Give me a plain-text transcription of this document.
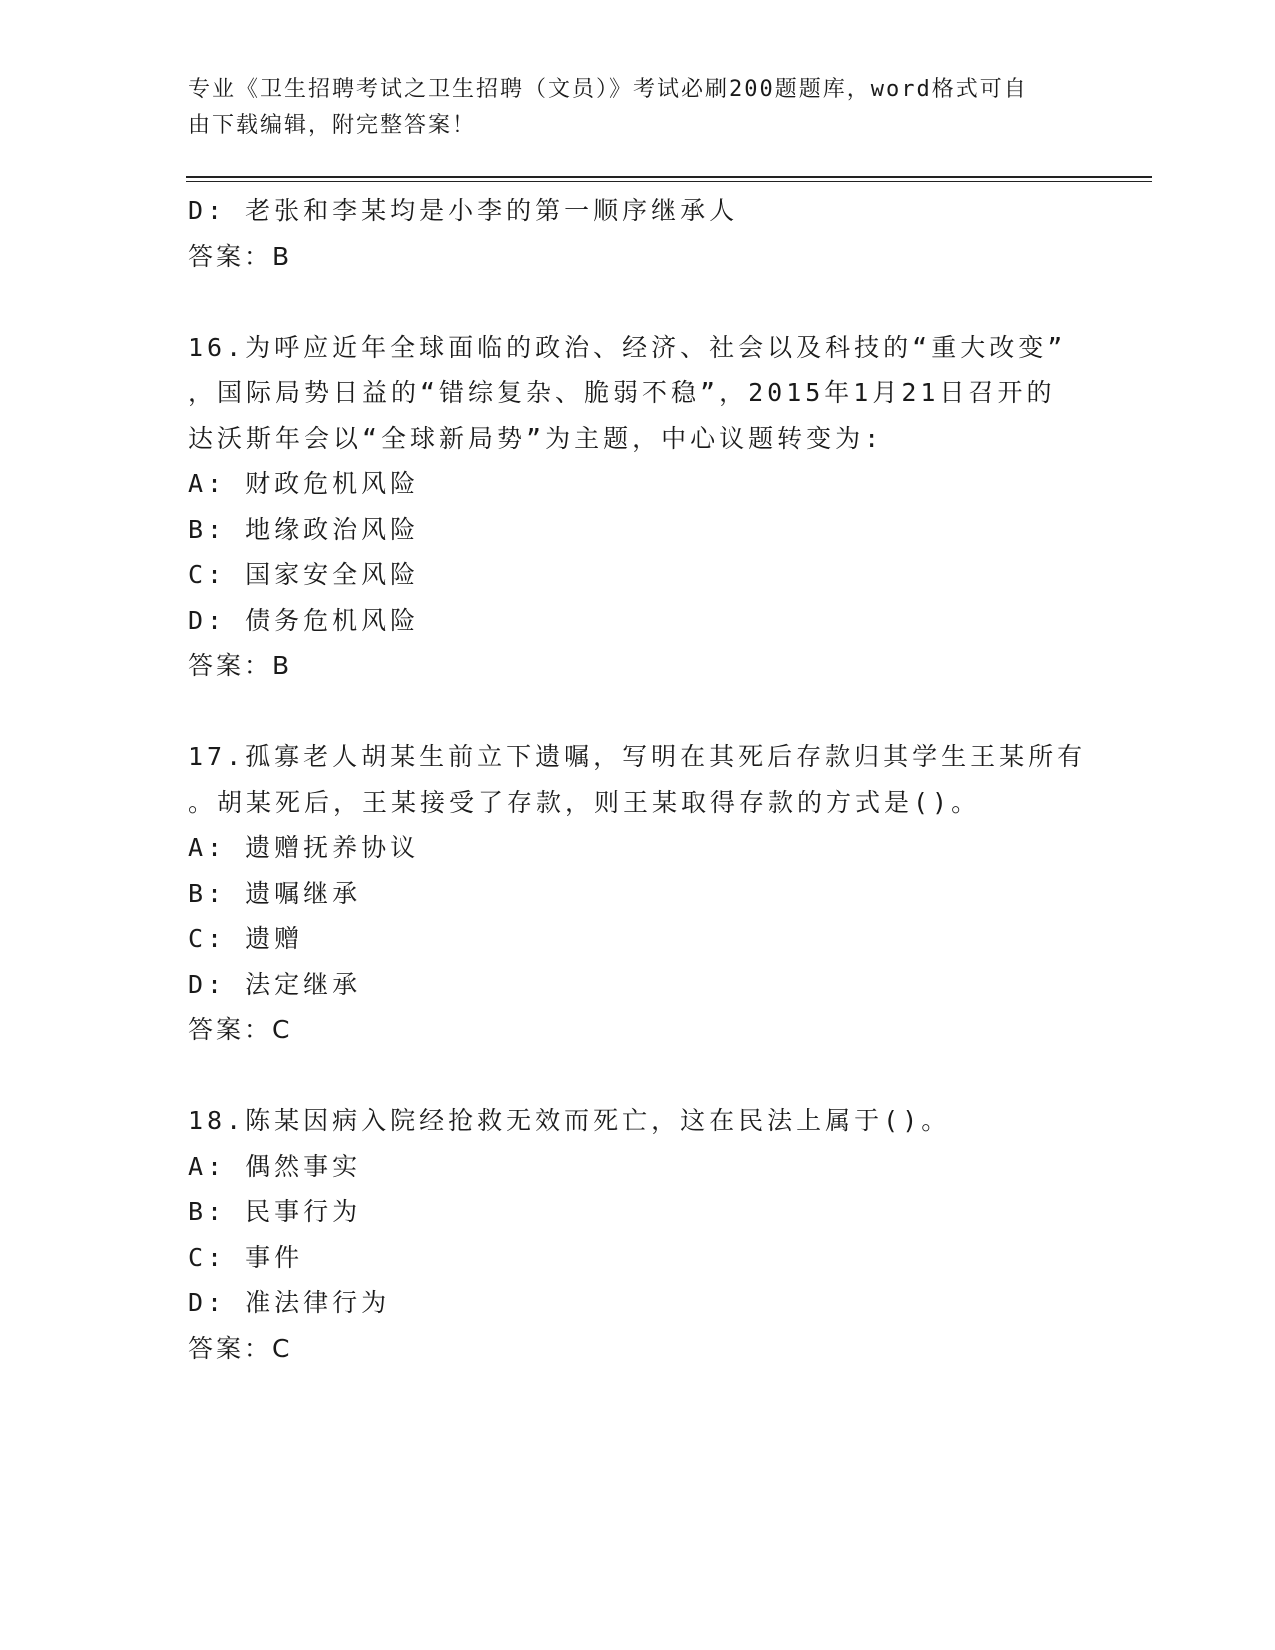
专业《卫生招聘考试之卫生招聘（文员）》考试必刷200题题库，word格式可自
由下载编辑，附完整答案！
D: 老张和李某均是小李的第一顺序继承人
答案：B
16.为呼应近年全球面临的政治、经济、社会以及科技的“重大改变”
，国际局势日益的“错综复杂、脆弱不稳”，2015年1月21日召开的
达沃斯年会以“全球新局势”为主题，中心议题转变为:
A: 财政危机风险
B: 地缘政治风险
C: 国家安全风险
D: 债务危机风险
答案：B
17.孤寡老人胡某生前立下遗嘱，写明在其死后存款归其学生王某所有
。胡某死后，王某接受了存款，则王某取得存款的方式是()。
A: 遗赠抚养协议
B: 遗嘱继承
C: 遗赠
D: 法定继承
答案：C
18.陈某因病入院经抢救无效而死亡，这在民法上属于()。
A: 偶然事实
B: 民事行为
C: 事件
D: 准法律行为
答案：C
